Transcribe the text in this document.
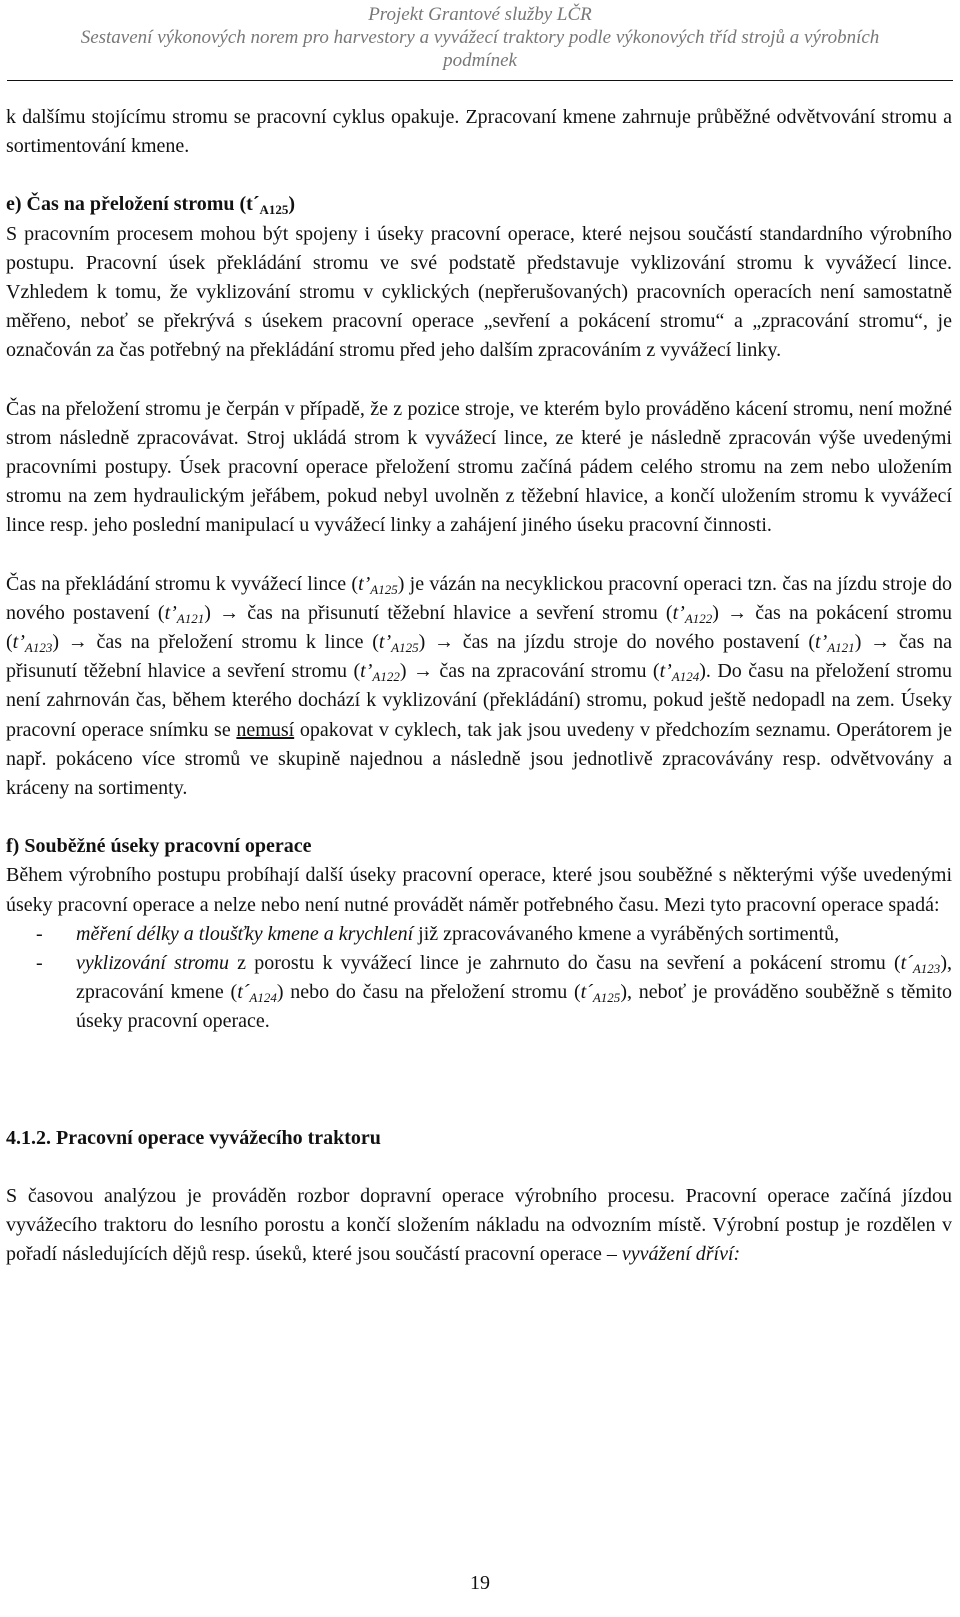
Projekt Grantové služby LČR
Sestavení výkonových norem pro harvestory a vyvážecí traktory podle výkonových tříd strojů a výrobních
podmínek

k dalšímu stojícímu stromu se pracovní cyklus opakuje. Zpracovaní kmene zahrnuje průběžné odvětvování stromu a sortimentování kmene.

e) Čas na přeložení stromu $(t´_{A125})$

S pracovním procesem mohou být spojeny i úseky pracovní operace, které nejsou součástí standardního výrobního postupu. Pracovní úsek překládání stromu ve své podstatě představuje vyklizování stromu k vyvážecí lince. Vzhledem k tomu, že vyklizování stromu v cyklických (nepřerušovaných) pracovních operacích není samostatně měřeno, neboť se překrývá s úsekem pracovní operace „sevření a pokácení stromu“ a „zpracování stromu“, je označován za čas potřebný na překládání stromu před jeho dalším zpracováním z vyvážecí linky.

Čas na přeložení stromu je čerpán v případě, že z pozice stroje, ve kterém bylo prováděno kácení stromu, není možné strom následně zpracovávat. Stroj ukládá strom k vyvážecí lince, ze které je následně zpracován výše uvedenými pracovními postupy. Úsek pracovní operace přeložení stromu začíná pádem celého stromu na zem nebo uložením stromu na zem hydraulickým jeřábem, pokud nebyl uvolněn z těžební hlavice, a končí uložením stromu k vyvážecí lince resp. jeho poslední manipulací u vyvážecí linky a zahájení jiného úseku pracovní činnosti.

Čas na překládání stromu k vyvážecí lince $(t’_{A125})$ je vázán na necyklickou pracovní operaci tzn. čas na jízdu stroje do nového postavení $(t’_{A121})$ → čas na přisunutí těžební hlavice a sevření stromu $(t’_{A122})$ → čas na pokácení stromu $(t’_{A123})$ → čas na přeložení stromu k lince $(t’_{A125})$ → čas na jízdu stroje do nového postavení $(t’_{A121})$ → čas na přisunutí těžební hlavice a sevření stromu $(t’_{A122})$ → čas na zpracování stromu $(t’_{A124})$. Do času na přeložení stromu není zahrnován čas, během kterého dochází k vyklizování (překládání) stromu, pokud ještě nedopadl na zem. Úseky pracovní operace snímku se nemusí opakovat v cyklech, tak jak jsou uvedeny v předchozím seznamu. Operátorem je např. pokáceno více stromů ve skupině najednou a následně jsou jednotlivě zpracovávány resp. odvětvovány a kráceny na sortimenty.

f) Souběžné úseky pracovní operace

Během výrobního postupu probíhají další úseky pracovní operace, které jsou souběžné s některými výše uvedenými úseky pracovní operace a nelze nebo není nutné provádět náměr potřebného času. Mezi tyto pracovní operace spadá:

- měření délky a tloušťky kmene a krychlení již zpracovávaného kmene a vyráběných sortimentů,
- vyklizování stromu z porostu k vyvážecí lince je zahrnuto do času na sevření a pokácení stromu $(t´_{A123})$, zpracování kmene $(t´_{A124})$ nebo do času na přeložení stromu $(t´_{A125})$, neboť je prováděno souběžně s těmito úseky pracovní operace.
4.1.2. Pracovní operace vyvážecího traktoru

S časovou analýzou je prováděn rozbor dopravní operace výrobního procesu. Pracovní operace začíná jízdou vyvážecího traktoru do lesního porostu a končí složením nákladu na odvozním místě. Výrobní postup je rozdělen v pořadí následujících dějů resp. úseků, které jsou součástí pracovní operace – vyvážení dříví:

19
